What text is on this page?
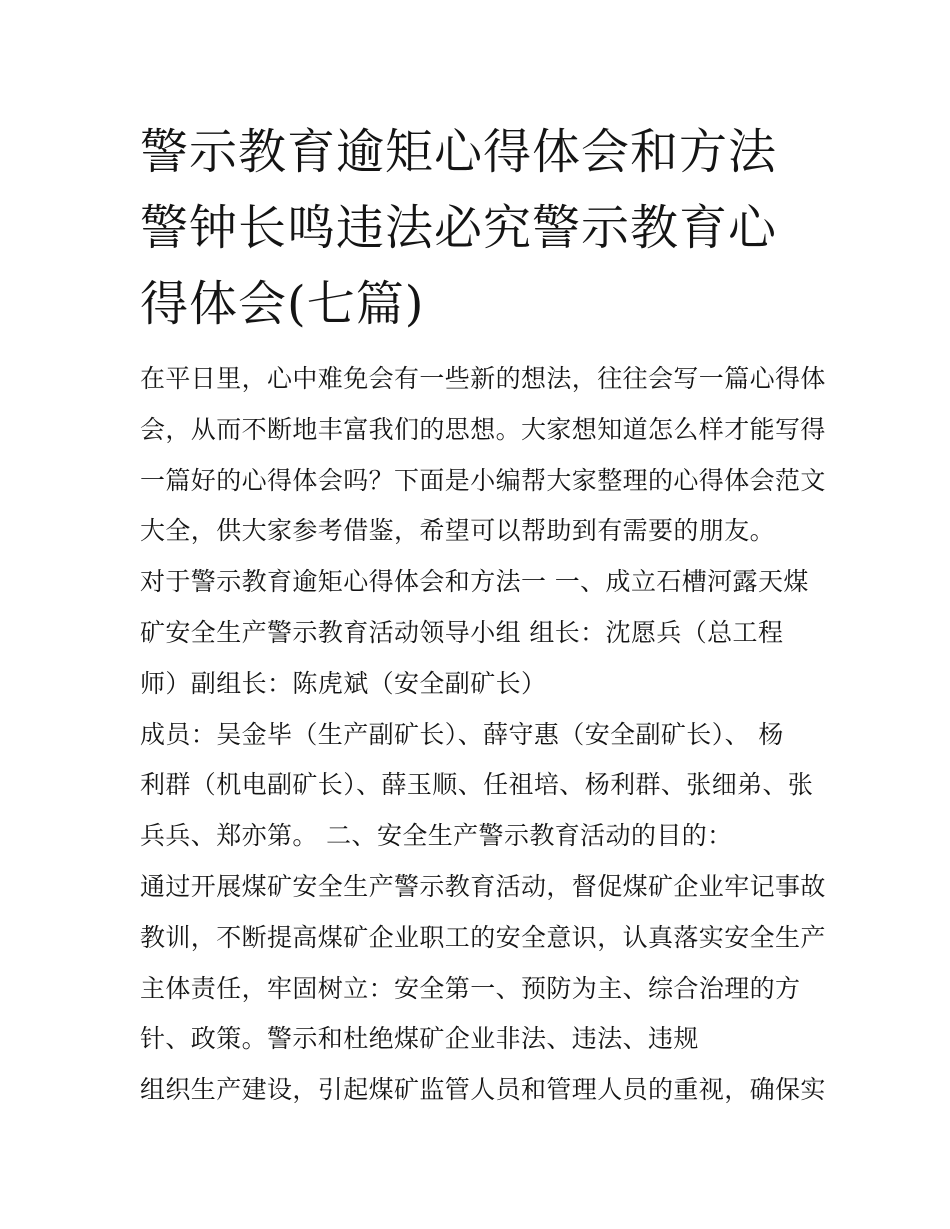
警示教育逾矩心得体会和方法
警钟长鸣违法必究警示教育心
得体会(七篇)
在平日里，心中难免会有一些新的想法，往往会写一篇心得体
会，从而不断地丰富我们的思想。大家想知道怎么样才能写得
一篇好的心得体会吗？下面是小编帮大家整理的心得体会范文
大全，供大家参考借鉴，希望可以帮助到有需要的朋友。
对于警示教育逾矩心得体会和方法一 一、成立石槽河露天煤
矿安全生产警示教育活动领导小组 组长：沈愿兵（总工程
师）副组长：陈虎斌（安全副矿长）
成员：吴金毕（生产副矿长）、薛守惠（安全副矿长）、 杨
利群（机电副矿长）、薛玉顺、任祖培、杨利群、张细弟、张
兵兵、郑亦第。 二、安全生产警示教育活动的目的：
通过开展煤矿安全生产警示教育活动，督促煤矿企业牢记事故
教训，不断提高煤矿企业职工的安全意识，认真落实安全生产
主体责任，牢固树立：安全第一、预防为主、综合治理的方
针、政策。警示和杜绝煤矿企业非法、违法、违规
组织生产建设，引起煤矿监管人员和管理人员的重视，确保实
